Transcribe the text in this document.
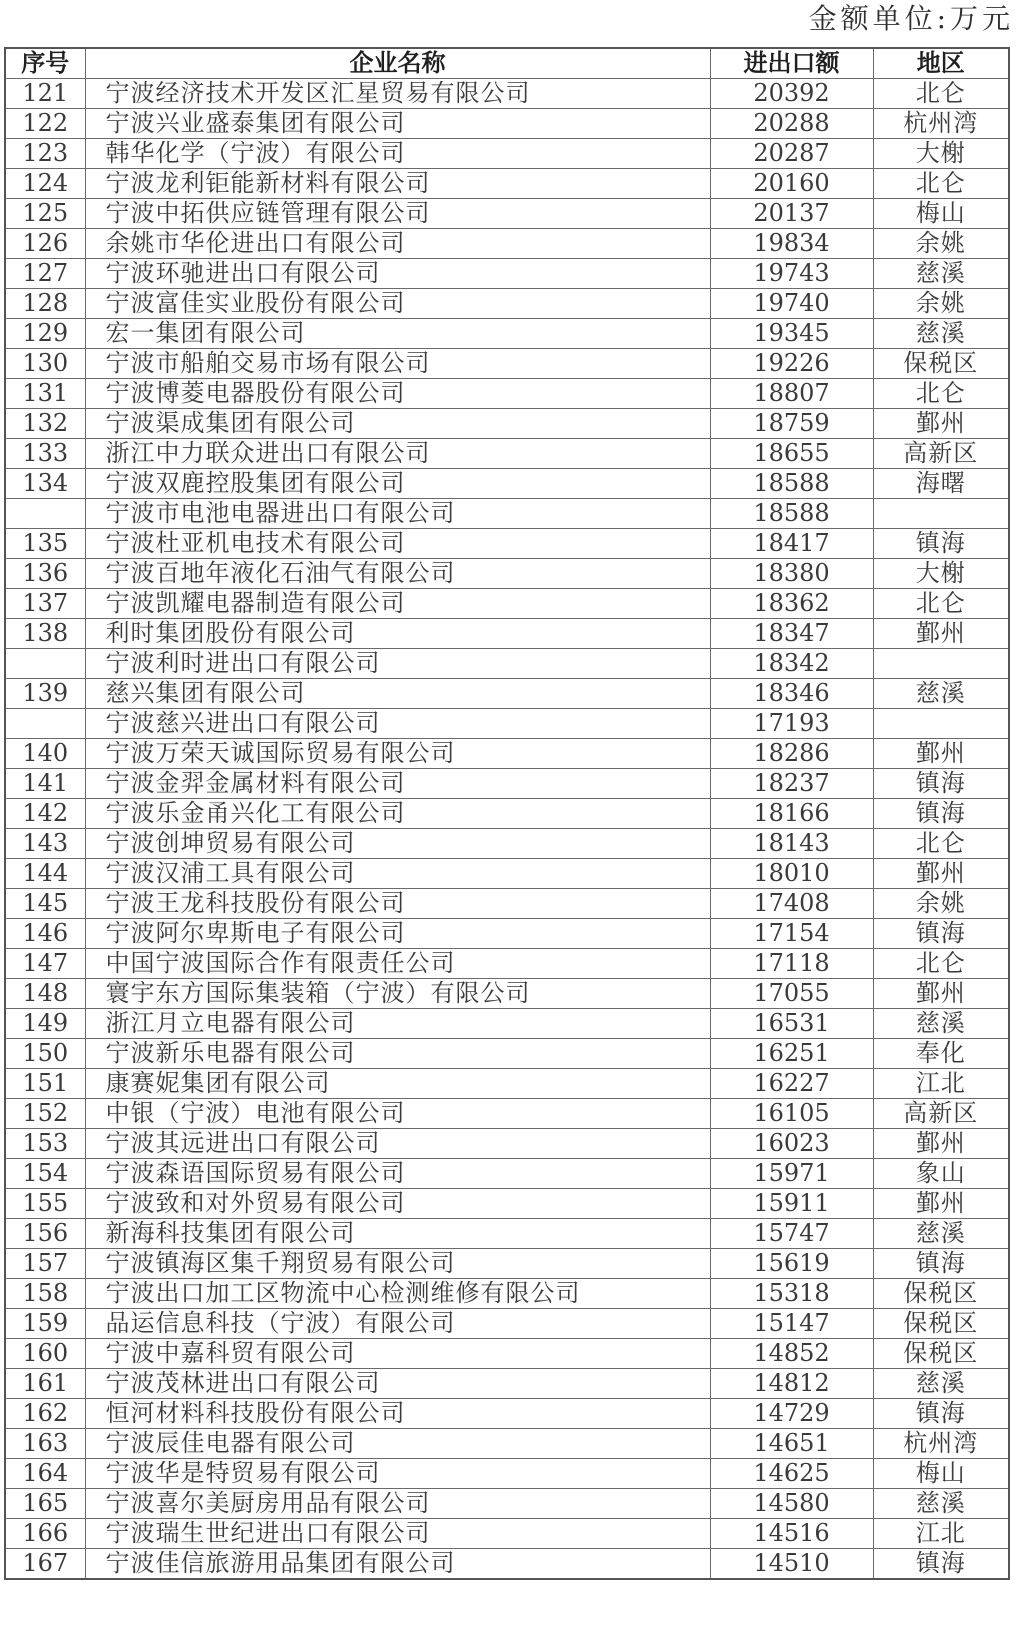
金额单位:万元
序号	企业名称	进出口额	地区
121	宁波经济技术开发区汇星贸易有限公司	20392	北仑
122	宁波兴业盛泰集团有限公司	20288	杭州湾
123	韩华化学（宁波）有限公司	20287	大榭
124	宁波龙利钜能新材料有限公司	20160	北仑
125	宁波中拓供应链管理有限公司	20137	梅山
126	余姚市华伦进出口有限公司	19834	余姚
127	宁波环驰进出口有限公司	19743	慈溪
128	宁波富佳实业股份有限公司	19740	余姚
129	宏一集团有限公司	19345	慈溪
130	宁波市船舶交易市场有限公司	19226	保税区
131	宁波博菱电器股份有限公司	18807	北仑
132	宁波渠成集团有限公司	18759	鄞州
133	浙江中力联众进出口有限公司	18655	高新区
134	宁波双鹿控股集团有限公司	18588	海曙
	宁波市电池电器进出口有限公司	18588	
135	宁波杜亚机电技术有限公司	18417	镇海
136	宁波百地年液化石油气有限公司	18380	大榭
137	宁波凯耀电器制造有限公司	18362	北仑
138	利时集团股份有限公司	18347	鄞州
	宁波利时进出口有限公司	18342	
139	慈兴集团有限公司	18346	慈溪
	宁波慈兴进出口有限公司	17193	
140	宁波万荣天诚国际贸易有限公司	18286	鄞州
141	宁波金羿金属材料有限公司	18237	镇海
142	宁波乐金甬兴化工有限公司	18166	镇海
143	宁波创坤贸易有限公司	18143	北仑
144	宁波汉浦工具有限公司	18010	鄞州
145	宁波王龙科技股份有限公司	17408	余姚
146	宁波阿尔卑斯电子有限公司	17154	镇海
147	中国宁波国际合作有限责任公司	17118	北仑
148	寰宇东方国际集装箱（宁波）有限公司	17055	鄞州
149	浙江月立电器有限公司	16531	慈溪
150	宁波新乐电器有限公司	16251	奉化
151	康赛妮集团有限公司	16227	江北
152	中银（宁波）电池有限公司	16105	高新区
153	宁波其远进出口有限公司	16023	鄞州
154	宁波森语国际贸易有限公司	15971	象山
155	宁波致和对外贸易有限公司	15911	鄞州
156	新海科技集团有限公司	15747	慈溪
157	宁波镇海区集千翔贸易有限公司	15619	镇海
158	宁波出口加工区物流中心检测维修有限公司	15318	保税区
159	品运信息科技（宁波）有限公司	15147	保税区
160	宁波中嘉科贸有限公司	14852	保税区
161	宁波茂林进出口有限公司	14812	慈溪
162	恒河材料科技股份有限公司	14729	镇海
163	宁波辰佳电器有限公司	14651	杭州湾
164	宁波华是特贸易有限公司	14625	梅山
165	宁波喜尔美厨房用品有限公司	14580	慈溪
166	宁波瑞生世纪进出口有限公司	14516	江北
167	宁波佳信旅游用品集团有限公司	14510	镇海
